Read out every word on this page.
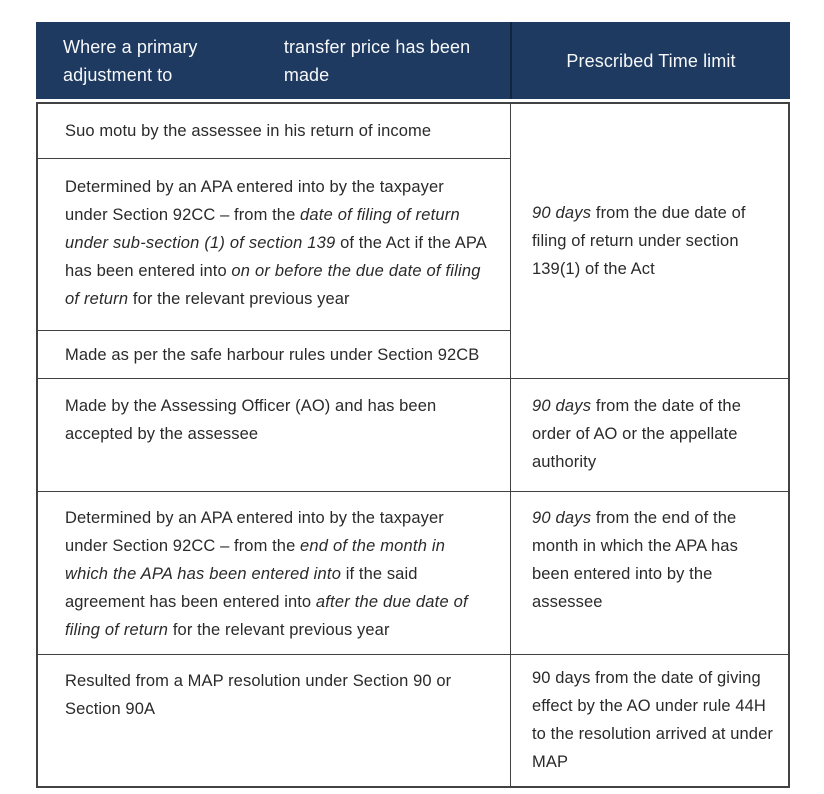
Where a primary adjustment to

transfer price has been made
Prescribed Time limit
Suo motu by the assessee in his return of income
Determined by an APA entered into by the taxpayer under Section 92CC – from the date of filing of return under sub-section (1) of section 139 of the Act if the APA has been entered into on or before the due date of filing of return for the relevant previous year
Made as per the safe harbour rules under Section 92CB
90 days from the due date of filing of return under section 139(1) of the Act
Made by the Assessing Officer (AO) and has been accepted by the assessee
90 days from the date of the order of AO or the appellate authority
Determined by an APA entered into by the taxpayer under Section 92CC – from the end of the month in which the APA has been entered into if the said agreement has been entered into after the due date of filing of return for the relevant previous year
90 days from the end of the month in which the APA has been entered into by the assessee
Resulted from a MAP resolution under Section 90 or Section 90A
90 days from the date of giving effect by the AO under rule 44H to the resolution arrived at under MAP
